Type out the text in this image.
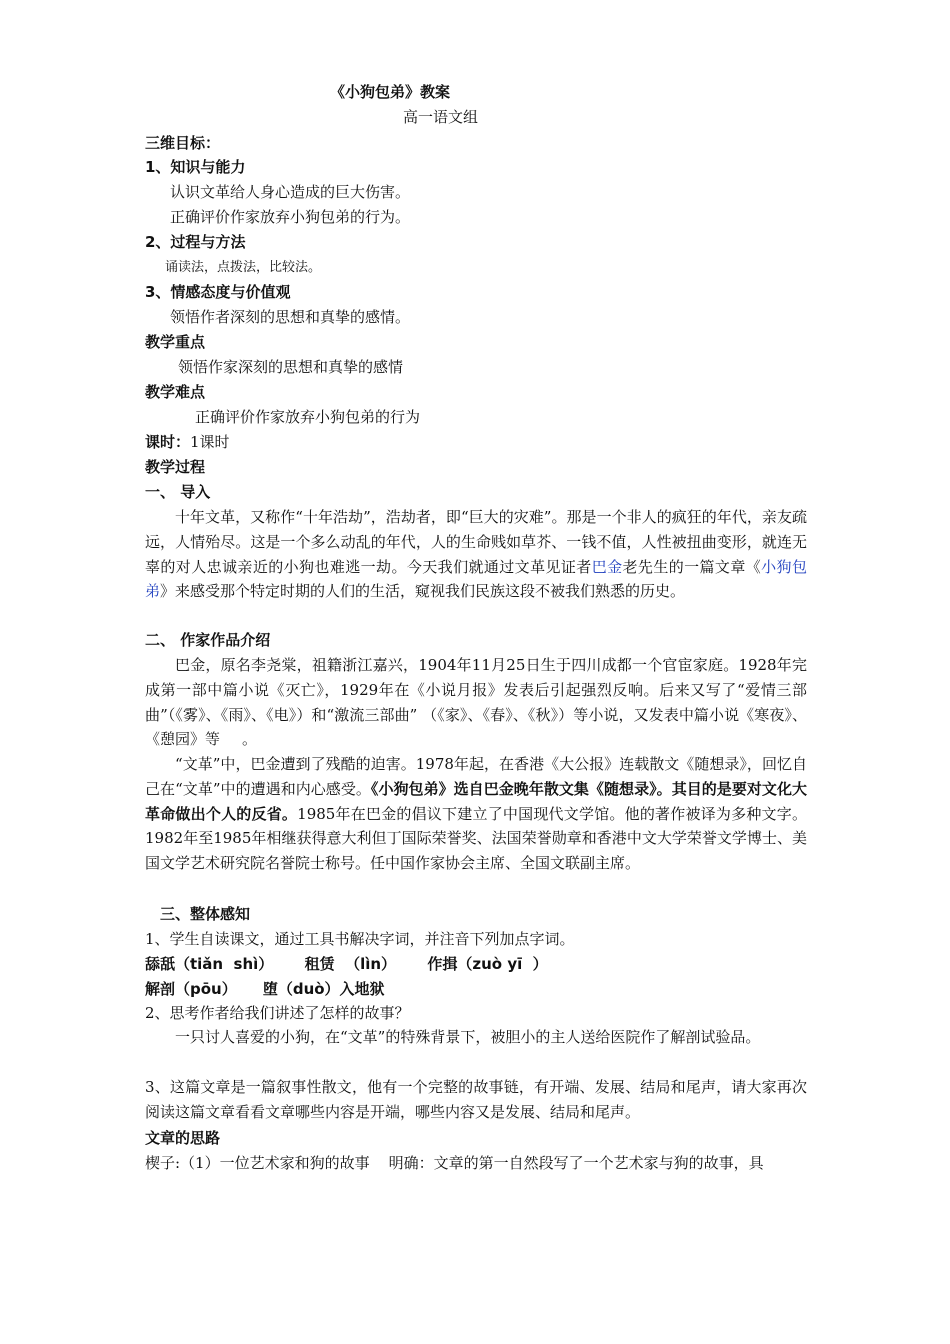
《小狗包弟》教案
高一语文组
三维目标：
1、知识与能力
认识文革给人身心造成的巨大伤害。
正确评价作家放弃小狗包弟的行为。
2、过程与方法
诵读法，点拨法，比较法。
3、情感态度与价值观
领悟作者深刻的思想和真挚的感情。
教学重点
领悟作家深刻的思想和真挚的感情
教学难点
正确评价作家放弃小狗包弟的行为
课时：1课时
教学过程
一、 导入
十年文革，又称作“十年浩劫”，浩劫者，即“巨大的灾难”。那是一个非人的疯狂的年代，亲友疏远，人情殆尽。这是一个多么动乱的年代，人的生命贱如草芥、一钱不值，人性被扭曲变形，就连无辜的对人忠诚亲近的小狗也难逃一劫。今天我们就通过文革见证者巴金老先生的一篇文章《小狗包弟》来感受那个特定时期的人们的生活，窥视我们民族这段不被我们熟悉的历史。
二、 作家作品介绍
巴金，原名李尧棠，祖籍浙江嘉兴，1904年11月25日生于四川成都一个官宦家庭。1928年完成第一部中篇小说《灭亡》，1929年在《小说月报》发表后引起强烈反响。后来又写了“爱情三部曲”（《雾》、《雨》、《电》）和“激流三部曲” （《家》、《春》、《秋》）等小说，又发表中篇小说《寒夜》、《憩园》等 。
“文革”中，巴金遭到了残酷的迫害。1978年起，在香港《大公报》连载散文《随想录》，回忆自己在“文革”中的遭遇和内心感受。《小狗包弟》选自巴金晚年散文集《随想录》。其目的是要对文化大革命做出个人的反省。1985年在巴金的倡议下建立了中国现代文学馆。他的著作被译为多种文字。1982年至1985年相继获得意大利但丁国际荣誉奖、法国荣誉勋章和香港中文大学荣誉文学博士、美国文学艺术研究院名誉院士称号。任中国作家协会主席、全国文联副主席。
三、整体感知
1、学生自读课文，通过工具书解决字词，并注音下列加点字词。
舔舐（tiǎn  shì）      租赁  （lìn）      作揖（zuò yī  ）
解剖（pōu）     堕（duò）入地狱
2、思考作者给我们讲述了怎样的故事？
一只讨人喜爱的小狗，在“文革”的特殊背景下，被胆小的主人送给医院作了解剖试验品。
3、这篇文章是一篇叙事性散文，他有一个完整的故事链，有开端、发展、结局和尾声，请大家再次阅读这篇文章看看文章哪些内容是开端，哪些内容又是发展、结局和尾声。
文章的思路
楔子:（1）一位艺术家和狗的故事    明确：文章的第一自然段写了一个艺术家与狗的故事，具
